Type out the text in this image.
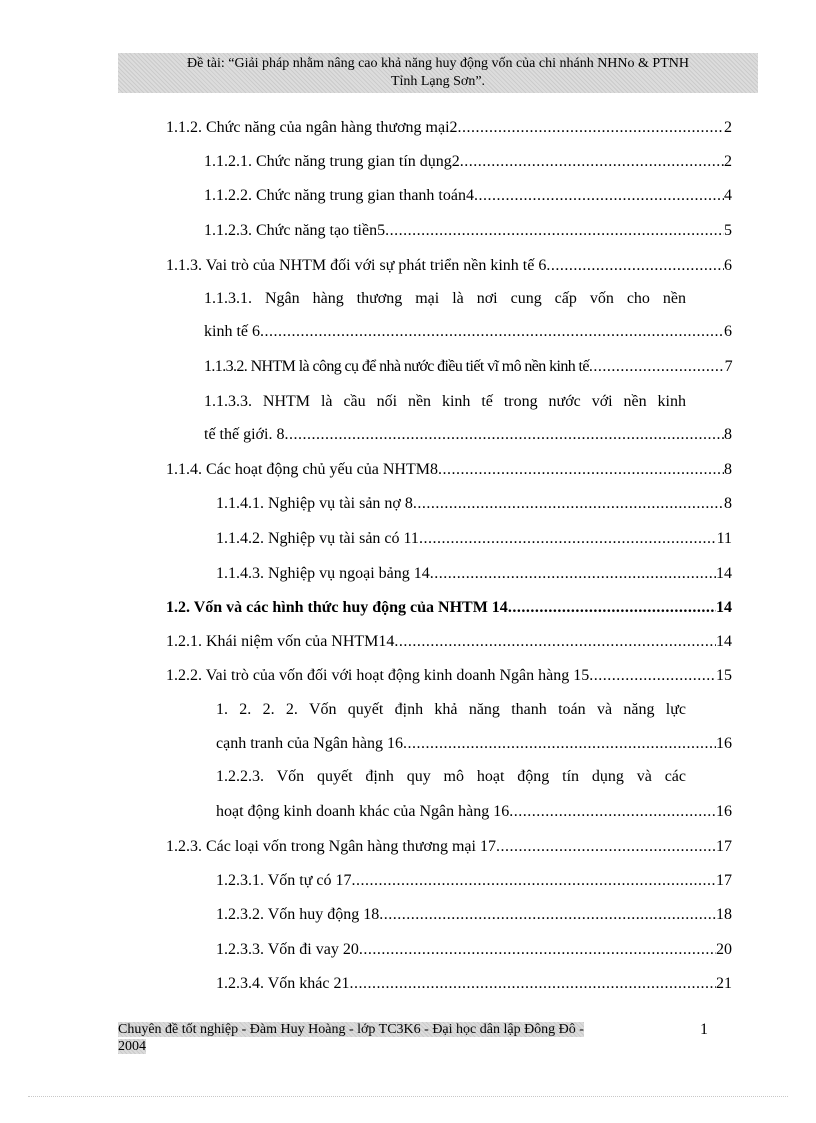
Đề tài: “Giải pháp nhằm nâng cao khả năng huy động vốn của chi nhánh NHNo & PTNH
Tỉnh Lạng Sơn”.
1.1.2. Chức năng của ngân hàng thương mại2 .....	2
1.1.2.1. Chức năng trung gian tín dụng2 .....	2
1.1.2.2. Chức năng trung gian thanh toán4 .....	4
1.1.2.3. Chức năng tạo tiền5 .....	5
1.1.3. Vai trò của NHTM đối với sự phát triển nền kinh tế 6 .....	6
1.1.3.1. Ngân hàng thương mại là nơi cung cấp vốn cho nền
kinh tế 6 .....	6
1.1.3.2. NHTM là công cụ để nhà nước điều tiết vĩ mô nền kinh tế .....	7
1.1.3.3. NHTM là cầu nối nền kinh tế trong nước với nền kinh
tế thế giới. 8 .....	8
1.1.4. Các hoạt động chủ yếu của NHTM8 .....	8
1.1.4.1. Nghiệp vụ tài sản nợ 8 .....	8
1.1.4.2. Nghiệp vụ tài sản có 11 .....	11
1.1.4.3. Nghiệp vụ ngoại bảng 14 .....	14
1.2. Vốn và các hình thức huy động của NHTM 14 .....	14
1.2.1. Khái niệm vốn của NHTM14 .....	14
1.2.2. Vai trò của vốn đối với hoạt động kinh doanh Ngân hàng 15 .....	15
1. 2. 2. 2. Vốn quyết định khả năng thanh toán và năng lực
cạnh tranh của Ngân hàng 16 .....	16
1.2.2.3. Vốn quyết định quy mô hoạt động tín dụng và các
hoạt động kinh doanh khác của Ngân hàng 16 .....	16
1.2.3. Các loại vốn trong Ngân hàng thương mại 17 .....	17
1.2.3.1. Vốn tự có 17 .....	17
1.2.3.2. Vốn huy động 18 .....	18
1.2.3.3. Vốn đi vay 20 .....	20
1.2.3.4. Vốn khác 21 .....	21
Chuyên đề tốt nghiệp - Đàm Huy Hoàng - lớp TC3K6 - Đại học dân lập Đông Đô -
2004
1
